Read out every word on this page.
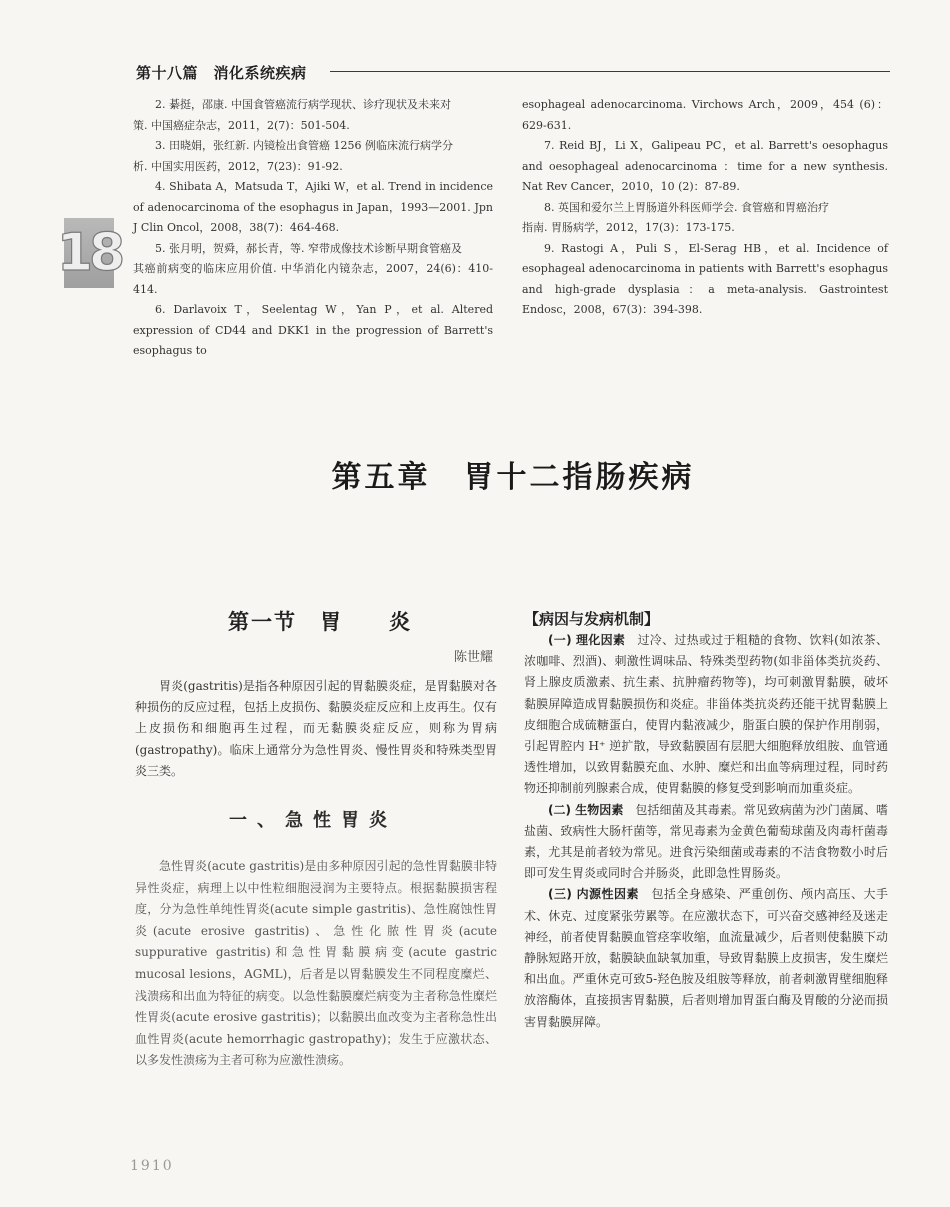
第十八篇　消化系统疾病
18

2. 綦挺，邵康. 中国食管癌流行病学现状、诊疗现状及未来对
策. 中国癌症杂志，2011，2(7)：501-504.

3. 田晓娟，张红新. 内镜检出食管癌 1256 例临床流行病学分
析. 中国实用医药，2012，7(23)：91-92.

4. Shibata A，Matsuda T，Ajiki W，et al. Trend in incidence of adenocarcinoma of the esophagus in Japan，1993—2001. Jpn J Clin Oncol，2008，38(7)：464-468.

5. 张月明，贺舜，郝长青，等. 窄带成像技术诊断早期食管癌及
其癌前病变的临床应用价值. 中华消化内镜杂志，2007，24(6)：410-414.

6. Darlavoix T，Seelentag W，Yan P，et al. Altered expression of CD44 and DKK1 in the progression of Barrett's esophagus to

esophageal adenocarcinoma. Virchows Arch，2009，454 (6)：629-631.

7. Reid BJ，Li X，Galipeau PC，et al. Barrett's oesophagus and oesophageal adenocarcinoma ：time for a new synthesis. Nat Rev Cancer，2010，10 (2)：87-89.

8. 英国和爱尔兰上胃肠道外科医师学会. 食管癌和胃癌治疗
指南. 胃肠病学，2012，17(3)：173-175.

9. Rastogi A，Puli S，El-Serag HB，et al. Incidence of esophageal adenocarcinoma in patients with Barrett's esophagus and high-grade dysplasia：a meta-analysis. Gastrointest Endosc，2008，67(3)：394-398.

第五章　胃十二指肠疾病
第一节　胃　　炎
陈世耀

胃炎(gastritis)是指各种原因引起的胃黏膜炎症，是胃黏膜对各种损伤的反应过程，包括上皮损伤、黏膜炎症反应和上皮再生。仅有上皮损伤和细胞再生过程，而无黏膜炎症反应，则称为胃病(gastropathy)。临床上通常分为急性胃炎、慢性胃炎和特殊类型胃炎三类。

一、急性胃炎

急性胃炎(acute gastritis)是由多种原因引起的急性胃黏膜非特异性炎症，病理上以中性粒细胞浸润为主要特点。根据黏膜损害程度，分为急性单纯性胃炎(acute simple gastritis)、急性腐蚀性胃炎(acute erosive gastritis)、急性化脓性胃炎(acute suppurative gastritis)和急性胃黏膜病变(acute gastric mucosal lesions，AGML)，后者是以胃黏膜发生不同程度糜烂、浅溃疡和出血为特征的病变。以急性黏膜糜烂病变为主者称急性糜烂性胃炎(acute erosive gastritis)；以黏膜出血改变为主者称急性出血性胃炎(acute hemorrhagic gastropathy)；发生于应激状态、以多发性溃疡为主者可称为应激性溃疡。

【病因与发病机制】

(一) 理化因素　 过冷、过热或过于粗糙的食物、饮料(如浓茶、浓咖啡、烈酒)、刺激性调味品、特殊类型药物(如非甾体类抗炎药、肾上腺皮质激素、抗生素、抗肿瘤药物等)，均可刺激胃黏膜，破坏黏膜屏障造成胃黏膜损伤和炎症。非甾体类抗炎药还能干扰胃黏膜上皮细胞合成硫糖蛋白，使胃内黏液减少，脂蛋白膜的保护作用削弱，引起胃腔内 H⁺ 逆扩散，导致黏膜固有层肥大细胞释放组胺、血管通透性增加，以致胃黏膜充血、水肿、糜烂和出血等病理过程，同时药物还抑制前列腺素合成，使胃黏膜的修复受到影响而加重炎症。

(二) 生物因素　 包括细菌及其毒素。常见致病菌为沙门菌属、嗜盐菌、致病性大肠杆菌等，常见毒素为金黄色葡萄球菌及肉毒杆菌毒素，尤其是前者较为常见。进食污染细菌或毒素的不洁食物数小时后即可发生胃炎或同时合并肠炎，此即急性胃肠炎。

(三) 内源性因素　 包括全身感染、严重创伤、颅内高压、大手术、休克、过度紧张劳累等。在应激状态下，可兴奋交感神经及迷走神经，前者使胃黏膜血管痉挛收缩，血流量减少，后者则使黏膜下动静脉短路开放，黏膜缺血缺氧加重，导致胃黏膜上皮损害，发生糜烂和出血。严重休克可致5-羟色胺及组胺等释放，前者刺激胃壁细胞释放溶酶体，直接损害胃黏膜，后者则增加胃蛋白酶及胃酸的分泌而损害胃黏膜屏障。

1910
